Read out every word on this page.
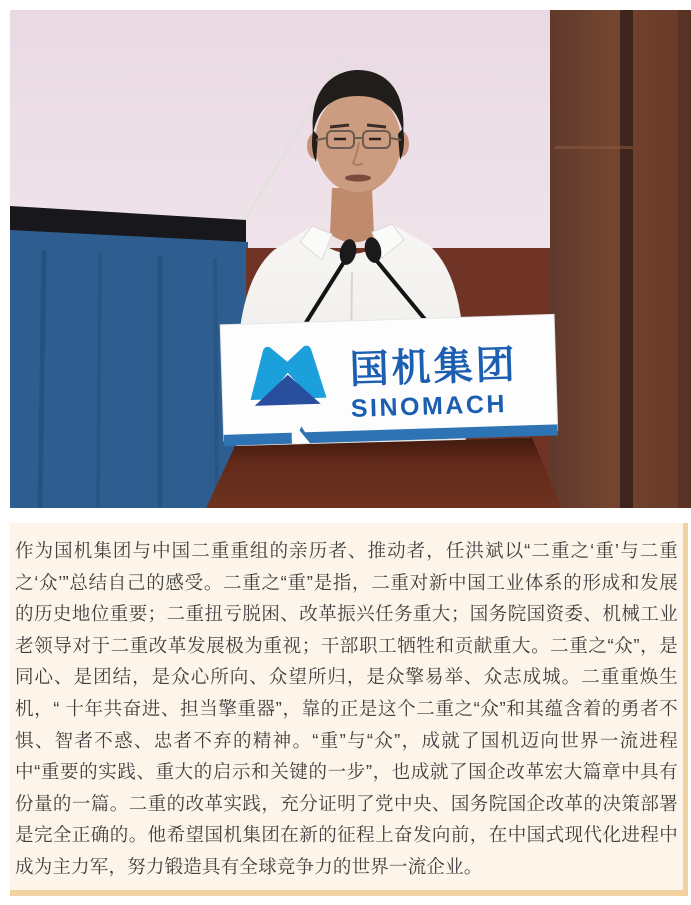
国机集团
SINOMACH

作为国机集团与中国二重重组的亲历者、推动者，任洪斌以“二重之‘重’与二重之‘众’”总结自己的感受。二重之“重”是指，二重对新中国工业体系的形成和发展的历史地位重要；二重扭亏脱困、改革振兴任务重大；国务院国资委、机械工业老领导对于二重改革发展极为重视；干部职工牺牲和贡献重大。二重之“众”，是同心、是团结，是众心所向、众望所归，是众擎易举、众志成城。二重重焕生机，“ 十年共奋进、担当擎重器”，靠的正是这个二重之“众”和其蕴含着的勇者不惧、智者不惑、忠者不弃的精神。“重”与“众”，成就了国机迈向世界一流进程中“重要的实践、重大的启示和关键的一步”，也成就了国企改革宏大篇章中具有份量的一篇。二重的改革实践，充分证明了党中央、国务院国企改革的决策部署是完全正确的。他希望国机集团在新的征程上奋发向前，在中国式现代化进程中成为主力军，努力锻造具有全球竞争力的世界一流企业。
